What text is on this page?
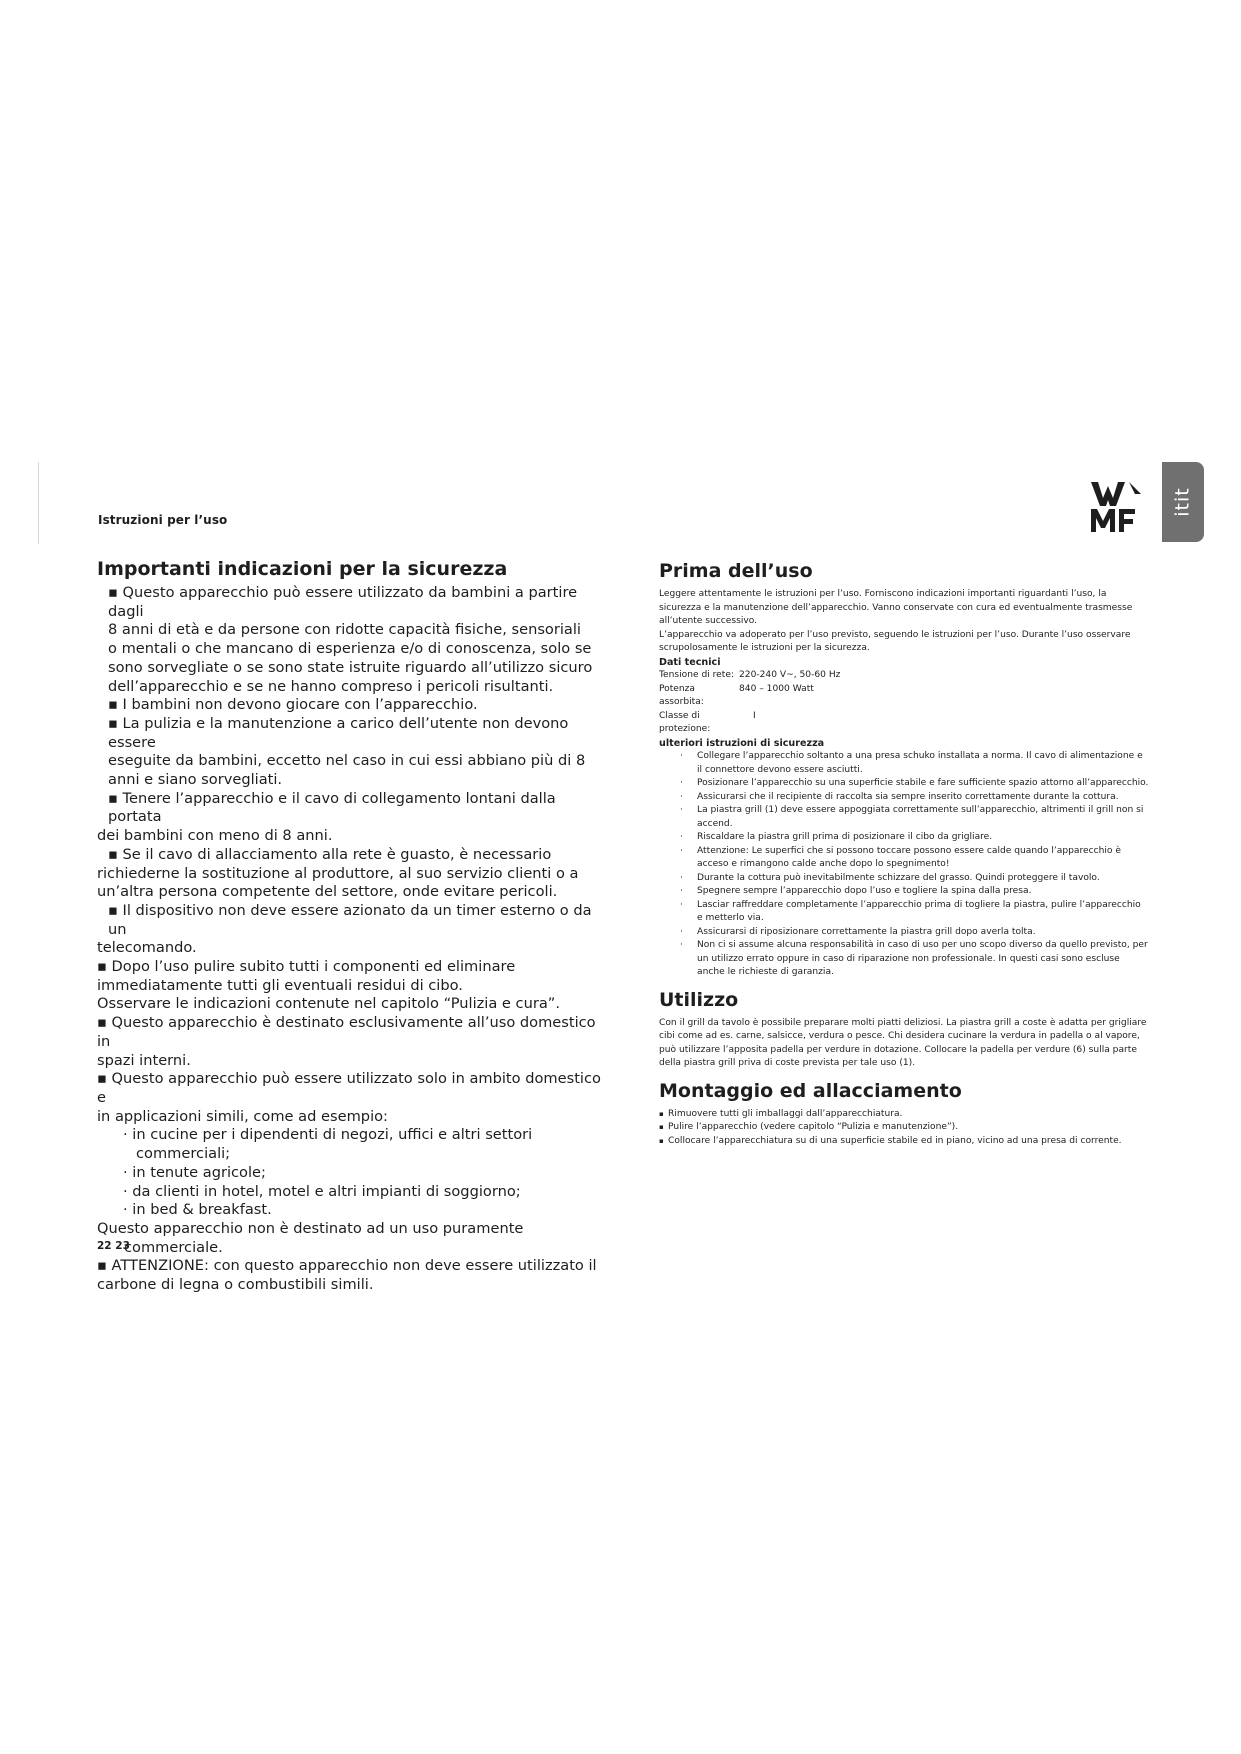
Istruzioni per l’uso
WMF
itit
Importanti indicazioni per la sicurezza

▪ Questo apparecchio può essere utilizzato da bambini a partire dagli

8 anni di età e da persone con ridotte capacità fisiche, sensoriali

o mentali o che mancano di esperienza e/o di conoscenza, solo se

sono sorvegliate o se sono state istruite riguardo all’utilizzo sicuro

dell’apparecchio e se ne hanno compreso i pericoli risultanti.

▪ I bambini non devono giocare con l’apparecchio.

▪ La pulizia e la manutenzione a carico dell’utente non devono essere

eseguite da bambini, eccetto nel caso in cui essi abbiano più di 8

anni e siano sorvegliati.

▪ Tenere l’apparecchio e il cavo di collegamento lontani dalla portata

dei bambini con meno di 8 anni.

▪ Se il cavo di allacciamento alla rete è guasto, è necessario

richiederne la sostituzione al produttore, al suo servizio clienti o a

un’altra persona competente del settore, onde evitare pericoli.

▪ Il dispositivo non deve essere azionato da un timer esterno o da un

telecomando.

▪ Dopo l’uso pulire subito tutti i componenti ed eliminare

immediatamente tutti gli eventuali residui di cibo.

Osservare le indicazioni contenute nel capitolo “Pulizia e cura”.

▪ Questo apparecchio è destinato esclusivamente all’uso domestico in

spazi interni.

▪ Questo apparecchio può essere utilizzato solo in ambito domestico e

in applicazioni simili, come ad esempio:

· in cucine per i dipendenti di negozi, uffici e altri settori commerciali;

· in tenute agricole;

· da clienti in hotel, motel e altri impianti di soggiorno;

· in bed & breakfast.

Questo apparecchio non è destinato ad un uso puramente commerciale.

▪ ATTENZIONE: con questo apparecchio non deve essere utilizzato il

carbone di legna o combustibili simili.

Prima dell’uso

Leggere attentamente le istruzioni per l’uso. Forniscono indicazioni importanti riguardanti l’uso, la sicurezza e la manutenzione dell’apparecchio. Vanno conservate con cura ed eventualmente trasmesse all’utente successivo.

L’apparecchio va adoperato per l’uso previsto, seguendo le istruzioni per l’uso. Durante l’uso osservare scrupolosamente le istruzioni per la sicurezza.

Dati tecnici

Tensione di rete: 220-240 V~, 50-60 Hz
Potenza assorbita:
840 – 1000 Watt
Classe di protezione:
I

ulteriori istruzioni di sicurezza

· Collegare l’apparecchio soltanto a una presa schuko installata a norma. Il cavo di alimentazione e il connettore devono essere asciutti.
· Posizionare l’apparecchio su una superficie stabile e fare sufficiente spazio attorno all’apparecchio.
· Assicurarsi che il recipiente di raccolta sia sempre inserito correttamente durante la cottura.
· La piastra grill (1) deve essere appoggiata correttamente sull’apparecchio, altrimenti il grill non si accend.
· Riscaldare la piastra grill prima di posizionare il cibo da grigliare.
· Attenzione: Le superfici che si possono toccare possono essere calde quando l’apparecchio è acceso e rimangono calde anche dopo lo spegnimento!
· Durante la cottura può inevitabilmente schizzare del grasso. Quindi proteggere il tavolo.
· Spegnere sempre l’apparecchio dopo l’uso e togliere la spina dalla presa.
· Lasciar raffreddare completamente l’apparecchio prima di togliere la piastra, pulire l’apparecchio e metterlo via.
· Assicurarsi di riposizionare correttamente la piastra grill dopo averla tolta.
· Non ci si assume alcuna responsabilità in caso di uso per uno scopo diverso da quello previsto, per un utilizzo errato oppure in caso di riparazione non professionale. In questi casi sono escluse anche le richieste di garanzia.
Utilizzo

Con il grill da tavolo è possibile preparare molti piatti deliziosi. La piastra grill a coste è adatta per grigliare cibi come ad es. carne, salsicce, verdura o pesce. Chi desidera cucinare la verdura in padella o al vapore, può utilizzare l’apposita padella per verdure in dotazione. Collocare la padella per verdure (6) sulla parte della piastra grill priva di coste prevista per tale uso (1).

Montaggio ed allacciamento
▪ Rimuovere tutti gli imballaggi dall’apparecchiatura.
▪ Pulire l’apparecchio (vedere capitolo “Pulizia e manutenzione”).
▪ Collocare l’apparecchiatura su di una superficie stabile ed in piano, vicino ad una presa di corrente.
22 23
